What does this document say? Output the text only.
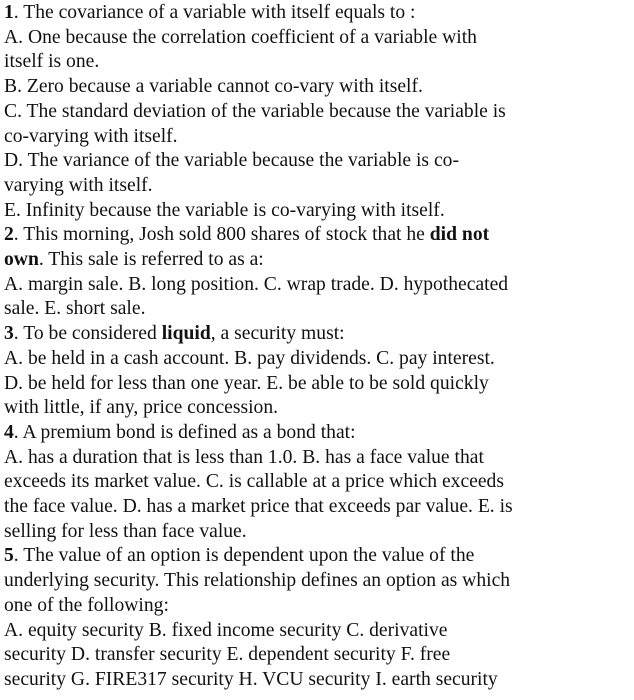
1. The covariance of a variable with itself equals to :
A. One because the correlation coefficient of a variable with
itself is one.
B. Zero because a variable cannot co-vary with itself.
C. The standard deviation of the variable because the variable is
co-varying with itself.
D. The variance of the variable because the variable is co-
varying with itself.
E. Infinity because the variable is co-varying with itself.
2. This morning, Josh sold 800 shares of stock that he did not
own. This sale is referred to as a:
A. margin sale. B. long position. C. wrap trade. D. hypothecated
sale. E. short sale.
3. To be considered liquid, a security must:
A. be held in a cash account. B. pay dividends. C. pay interest.
D. be held for less than one year. E. be able to be sold quickly
with little, if any, price concession.
4. A premium bond is defined as a bond that:
A. has a duration that is less than 1.0. B. has a face value that
exceeds its market value. C. is callable at a price which exceeds
the face value. D. has a market price that exceeds par value. E. is
selling for less than face value.
5. The value of an option is dependent upon the value of the
underlying security. This relationship defines an option as which
one of the following:
A. equity security B. fixed income security C. derivative
security D. transfer security E. dependent security F. free
security G. FIRE317 security H. VCU security I. earth security
